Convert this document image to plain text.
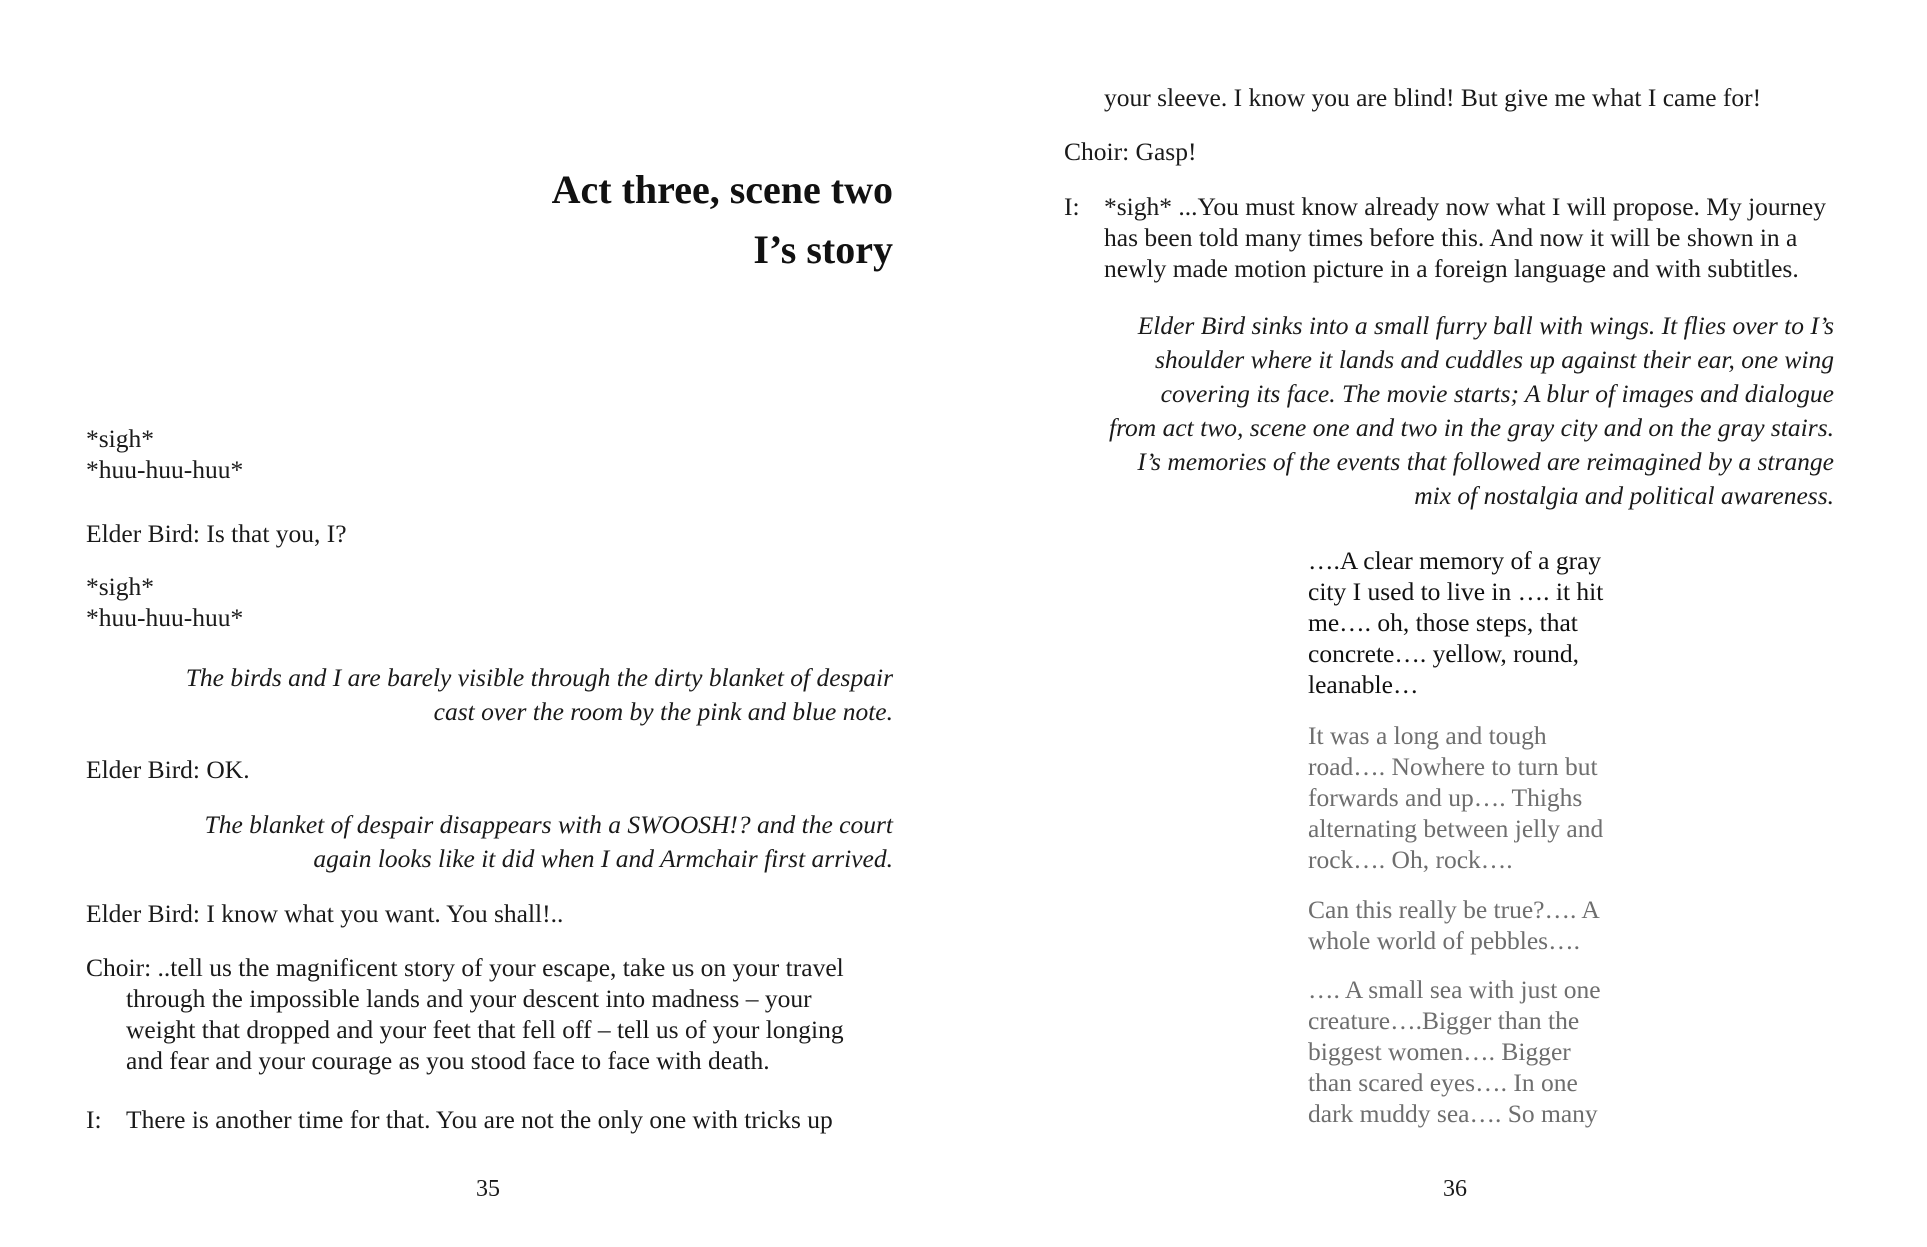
Act three, scene two
I’s story
*sigh*
*huu-huu-huu*
Elder Bird: Is that you, I?
*sigh*
*huu-huu-huu*
The birds and I are barely visible through the dirty blanket of despair
cast over the room by the pink and blue note.
Elder Bird: OK.
The blanket of despair disappears with a SWOOSH!? and the court
again looks like it did when I and Armchair first arrived.
Elder Bird: I know what you want. You shall!..
Choir: ..tell us the magnificent story of your escape, take us on your travel
through the impossible lands and your descent into madness – your
weight that dropped and your feet that fell off – tell us of your longing
and fear and your courage as you stood face to face with death.
I: There is another time for that. You are not the only one with tricks up
35
your sleeve. I know you are blind! But give me what I came for!
Choir: Gasp!
I: *sigh* ...You must know already now what I will propose. My journey
has been told many times before this. And now it will be shown in a
newly made motion picture in a foreign language and with subtitles.
Elder Bird sinks into a small furry ball with wings. It flies over to I’s
shoulder where it lands and cuddles up against their ear, one wing
covering its face. The movie starts; A blur of images and dialogue
from act two, scene one and two in the gray city and on the gray stairs.
I’s memories of the events that followed are reimagined by a strange
mix of nostalgia and political awareness.
….A clear memory of a gray
city I used to live in …. it hit
me…. oh, those steps, that
concrete…. yellow, round,
leanable…
It was a long and tough
road…. Nowhere to turn but
forwards and up…. Thighs
alternating between jelly and
rock…. Oh, rock….
Can this really be true?…. A
whole world of pebbles….
…. A small sea with just one
creature….Bigger than the
biggest women…. Bigger
than scared eyes…. In one
dark muddy sea…. So many
36
